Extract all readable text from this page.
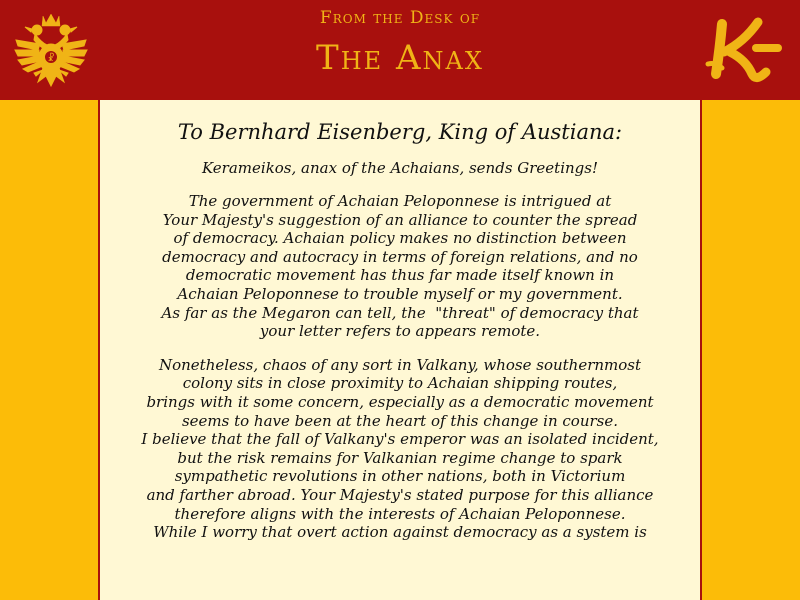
☧
From the Desk of
The Anax
To Bernhard Eisenberg, King of Austiana:
Kerameikos, anax of the Achaians, sends Greetings!
The government of Achaian Peloponnese is intrigued at
Your Majesty's suggestion of an alliance to counter the spread
of democracy. Achaian policy makes no distinction between
democracy and autocracy in terms of foreign relations, and no
democratic movement has thus far made itself known in
Achaian Peloponnese to trouble myself or my government.
As far as the Megaron can tell, the  "threat" of democracy that
your letter refers to appears remote.
Nonetheless, chaos of any sort in Valkany, whose southernmost
colony sits in close proximity to Achaian shipping routes,
brings with it some concern, especially as a democratic movement
seems to have been at the heart of this change in course.
I believe that the fall of Valkany's emperor was an isolated incident,
but the risk remains for Valkanian regime change to spark
sympathetic revolutions in other nations, both in Victorium
and farther abroad. Your Majesty's stated purpose for this alliance
therefore aligns with the interests of Achaian Peloponnese.
While I worry that overt action against democracy as a system is
